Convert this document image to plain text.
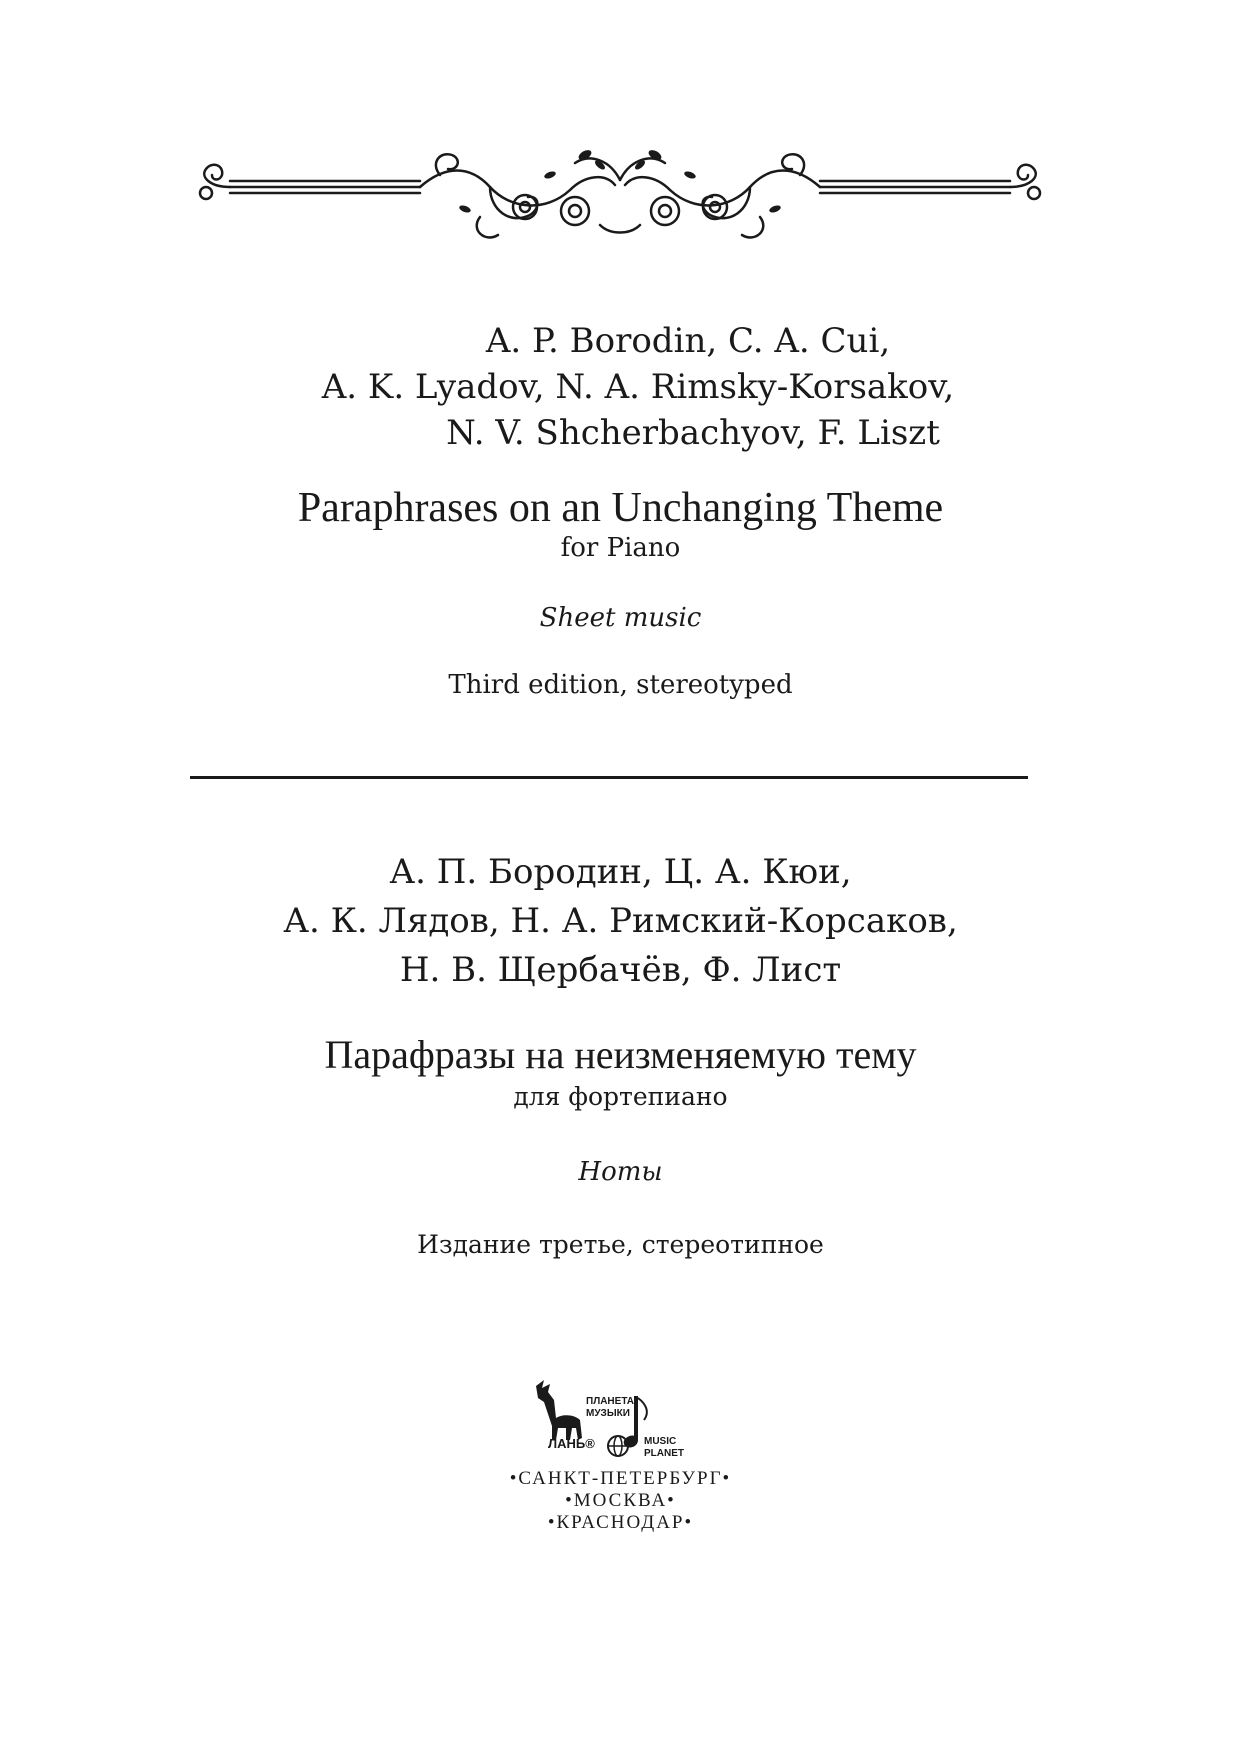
A. P. Borodin, C. A. Cui,
A. K. Lyadov, N. A. Rimsky-Korsakov,
N. V. Shcherbachyov, F. Liszt
Paraphrases on an Unchanging Theme
for Piano
Sheet music
Third edition, stereotyped
А. П. Бородин, Ц. А. Кюи,
А. К. Лядов, Н. А. Римский-Корсаков,
Н. В. Щербачёв, Ф. Лист
Парафразы на неизменяемую тему
для фортепиано
Ноты
Издание третье, стереотипное
ПЛАНЕТА
МУЗЫКИ
ЛАНЬ®	MUSIC
PLANET
•САНКТ-ПЕТЕРБУРГ•
•МОСКВА•
•КРАСНОДАР•
